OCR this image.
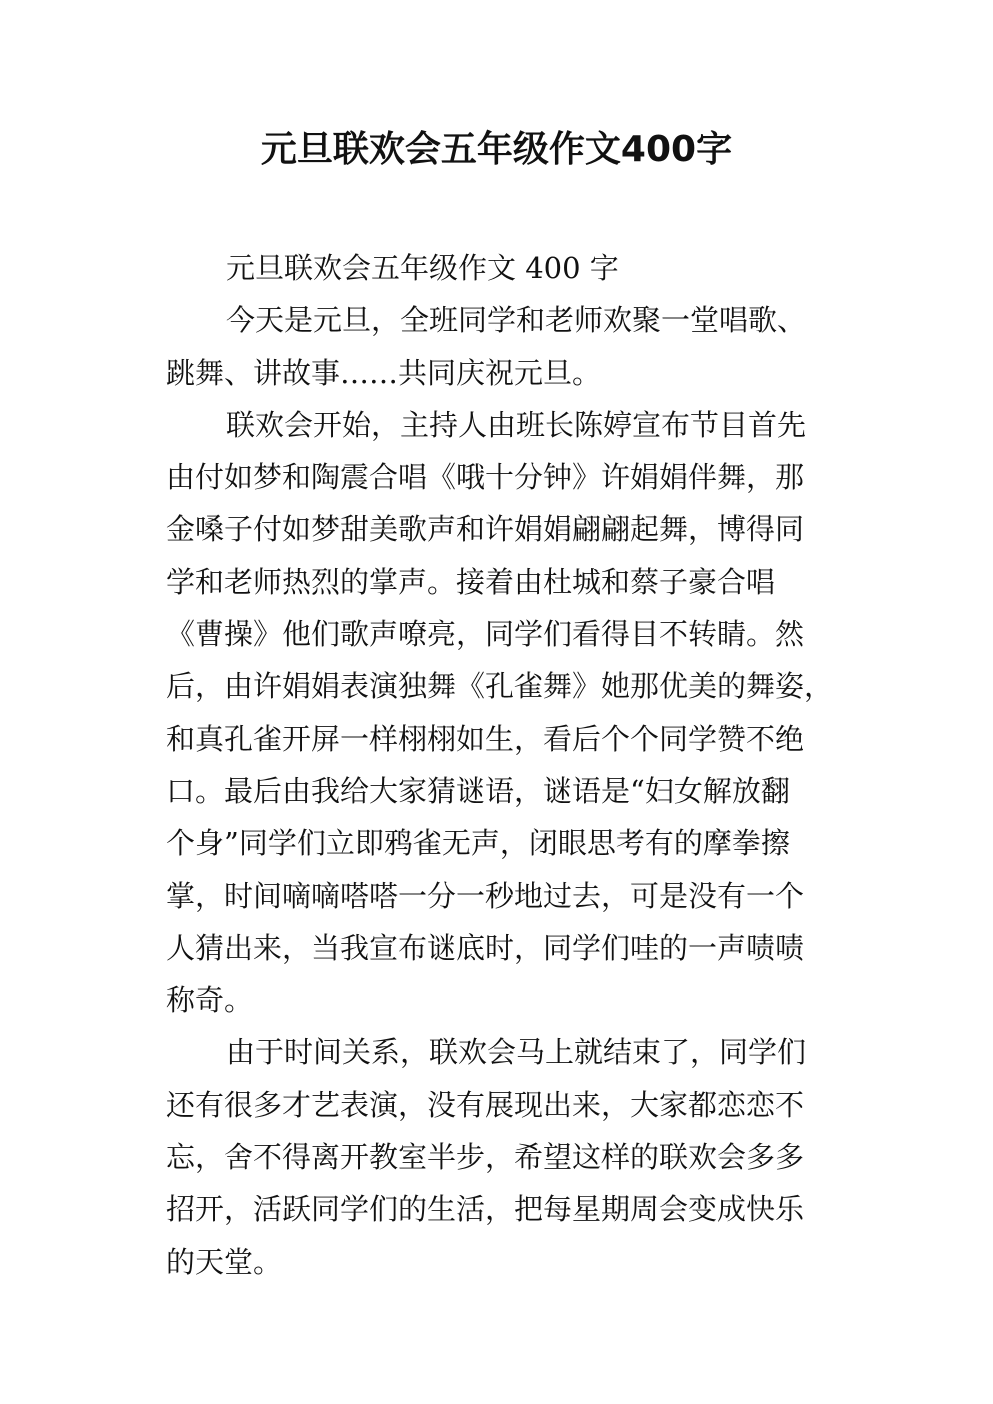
元旦联欢会五年级作文400字
元旦联欢会五年级作文 400 字
今天是元旦，全班同学和老师欢聚一堂唱歌、
跳舞、讲故事……共同庆祝元旦。
联欢会开始，主持人由班长陈婷宣布节目首先
由付如梦和陶震合唱《哦十分钟》许娟娟伴舞，那
金嗓子付如梦甜美歌声和许娟娟翩翩起舞，博得同
学和老师热烈的掌声。接着由杜城和蔡子豪合唱
《曹操》他们歌声嘹亮，同学们看得目不转睛。然
后，由许娟娟表演独舞《孔雀舞》她那优美的舞姿，
和真孔雀开屏一样栩栩如生，看后个个同学赞不绝
口。最后由我给大家猜谜语，谜语是“妇女解放翻
个身”同学们立即鸦雀无声，闭眼思考有的摩拳擦
掌，时间嘀嘀嗒嗒一分一秒地过去，可是没有一个
人猜出来，当我宣布谜底时，同学们哇的一声啧啧
称奇。
由于时间关系，联欢会马上就结束了，同学们
还有很多才艺表演，没有展现出来，大家都恋恋不
忘，舍不得离开教室半步，希望这样的联欢会多多
招开，活跃同学们的生活，把每星期周会变成快乐
的天堂。
